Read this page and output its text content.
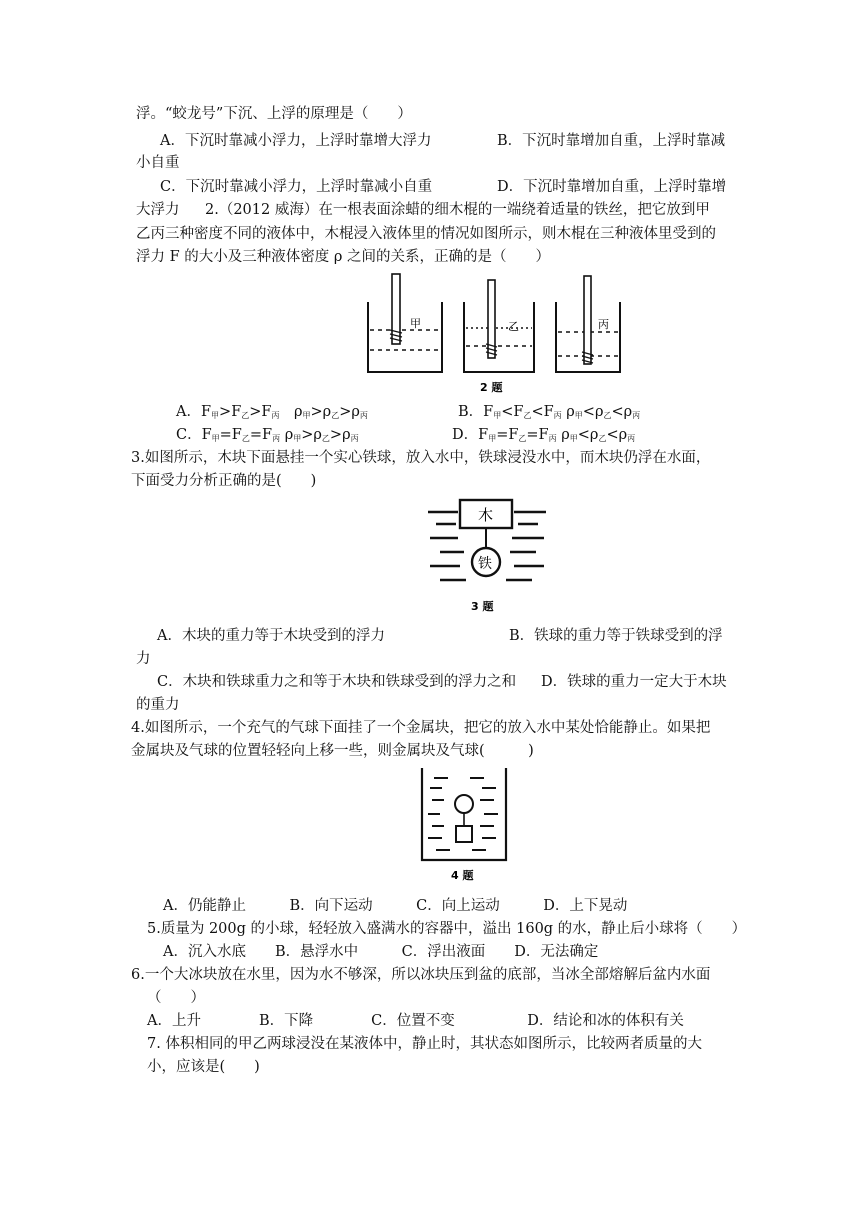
浮。“蛟龙号”下沉、上浮的原理是（　　）
A．下沉时靠减小浮力，上浮时靠增大浮力	B．下沉时靠增加自重，上浮时靠减
小自重
C．下沉时靠减小浮力，上浮时靠减小自重	D．下沉时靠增加自重，上浮时靠增
大浮力 2.（2012 威海）在一根表面涂蜡的细木棍的一端绕着适量的铁丝，把它放到甲
乙丙三种密度不同的液体中，木棍浸入液体里的情况如图所示，则木棍在三种液体里受到的
浮力 F 的大小及三种液体密度 ρ 之间的关系，正确的是（　　）
甲	乙	丙
2 题
A．$F_甲>F_乙>F_丙$　$\rho_甲>\rho_乙>\rho_丙$	B．$F_甲<F_乙<F_丙$ $\rho_甲<\rho_乙<\rho_丙$
C．$F_甲=F_乙=F_丙$ $\rho_甲>\rho_乙>\rho_丙$	D．$F_甲=F_乙=F_丙$ $\rho_甲<\rho_乙<\rho_丙$
3.如图所示，木块下面悬挂一个实心铁球，放入水中，铁球浸没水中，而木块仍浮在水面，
下面受力分析正确的是(　　)
木
铁
3 题
A．木块的重力等于木块受到的浮力	B．铁球的重力等于铁球受到的浮
力
C．木块和铁球重力之和等于木块和铁球受到的浮力之和 D．铁球的重力一定大于木块
的重力
4.如图所示，一个充气的气球下面挂了一个金属块，把它的放入水中某处恰能静止。如果把
金属块及气球的位置轻轻向上移一些，则金属块及气球(　　　)
4 题
A．仍能静止　　　B．向下运动　　　C．向上运动　　　D．上下晃动
5.质量为 200g 的小球，轻轻放入盛满水的容器中，溢出 160g 的水，静止后小球将（　　）
A．沉入水底　　B．悬浮水中　　　C．浮出液面　　D．无法确定
6.一个大冰块放在水里，因为水不够深，所以冰块压到盆的底部，当冰全部熔解后盆内水面
（　　）
A．上升　　　　B．下降　　　　C．位置不变　　　　　D．结论和冰的体积有关
7. 体积相同的甲乙两球浸没在某液体中，静止时，其状态如图所示，比较两者质量的大
小，应该是(　　)
